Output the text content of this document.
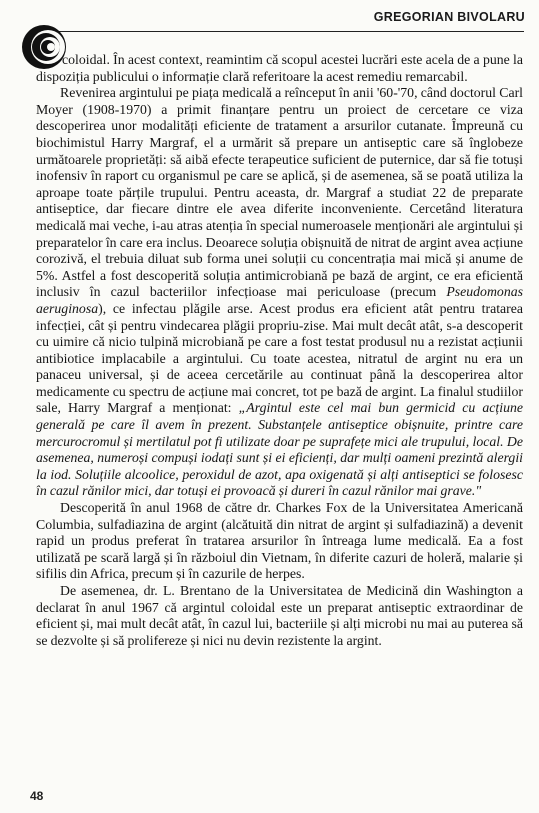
GREGORIAN BIVOLARU

coloidal. În acest context, reamintim că scopul acestei lucrări este acela de a pune la dispoziția publicului o informație clară referitoare la acest remediu remarcabil.

Revenirea argintului pe piața medicală a reînceput în anii '60-'70, când doctorul Carl Moyer (1908-1970) a primit finanțare pentru un proiect de cercetare ce viza descoperirea unor modalități eficiente de tratament a arsurilor cutanate. Împreună cu biochimistul Harry Margraf, el a urmărit să prepare un antiseptic care să înglobeze următoarele proprietăți: să aibă efecte terapeutice suficient de puternice, dar să fie totuși inofensiv în raport cu organismul pe care se aplică, și de asemenea, să se poată utiliza la aproape toate părțile trupului. Pentru aceasta, dr. Margraf a studiat 22 de preparate antiseptice, dar fiecare dintre ele avea diferite inconveniente. Cercetând literatura medicală mai veche, i-au atras atenția în special numeroasele menționări ale argintului și preparatelor în care era inclus. Deoarece soluția obișnuită de nitrat de argint avea acțiune corozivă, el trebuia diluat sub forma unei soluții cu concentrația mai mică și anume de 5%. Astfel a fost descoperită soluția antimicrobiană pe bază de argint, ce era eficientă inclusiv în cazul bacteriilor infecțioase mai periculoase (precum Pseudomonas aeruginosa), ce infectau plăgile arse. Acest produs era eficient atât pentru tratarea infecției, cât și pentru vindecarea plăgii propriu-zise. Mai mult decât atât, s-a descoperit cu uimire că nicio tulpină microbiană pe care a fost testat produsul nu a rezistat acțiunii antibiotice implacabile a argintului. Cu toate acestea, nitratul de argint nu era un panaceu universal, și de aceea cercetările au continuat până la descoperirea altor medicamente cu spectru de acțiune mai concret, tot pe bază de argint. La finalul studiilor sale, Harry Margraf a menționat: „Argintul este cel mai bun germicid cu acțiune generală pe care îl avem în prezent. Substanțele antiseptice obișnuite, printre care mercurocromul și mertilatul pot fi utilizate doar pe suprafețe mici ale trupului, local. De asemenea, numeroși compuși iodați sunt și ei eficienți, dar mulți oameni prezintă alergii la iod. Soluțiile alcoolice, peroxidul de azot, apa oxigenată și alți antiseptici se folosesc în cazul rănilor mici, dar totuși ei provoacă și dureri în cazul rănilor mai grave."

Descoperită în anul 1968 de către dr. Charkes Fox de la Universitatea Americană Columbia, sulfadiazina de argint (alcătuită din nitrat de argint și sulfadiazină) a devenit rapid un produs preferat în tratarea arsurilor în întreaga lume medicală. Ea a fost utilizată pe scară largă și în războiul din Vietnam, în diferite cazuri de holeră, malarie și sifilis din Africa, precum și în cazurile de herpes.

De asemenea, dr. L. Brentano de la Universitatea de Medicină din Washington a declarat în anul 1967 că argintul coloidal este un preparat antiseptic extraordinar de eficient și, mai mult decât atât, în cazul lui, bacteriile și alți microbi nu mai au puterea să se dezvolte și să prolifereze și nici nu devin rezistente la argint.

48
